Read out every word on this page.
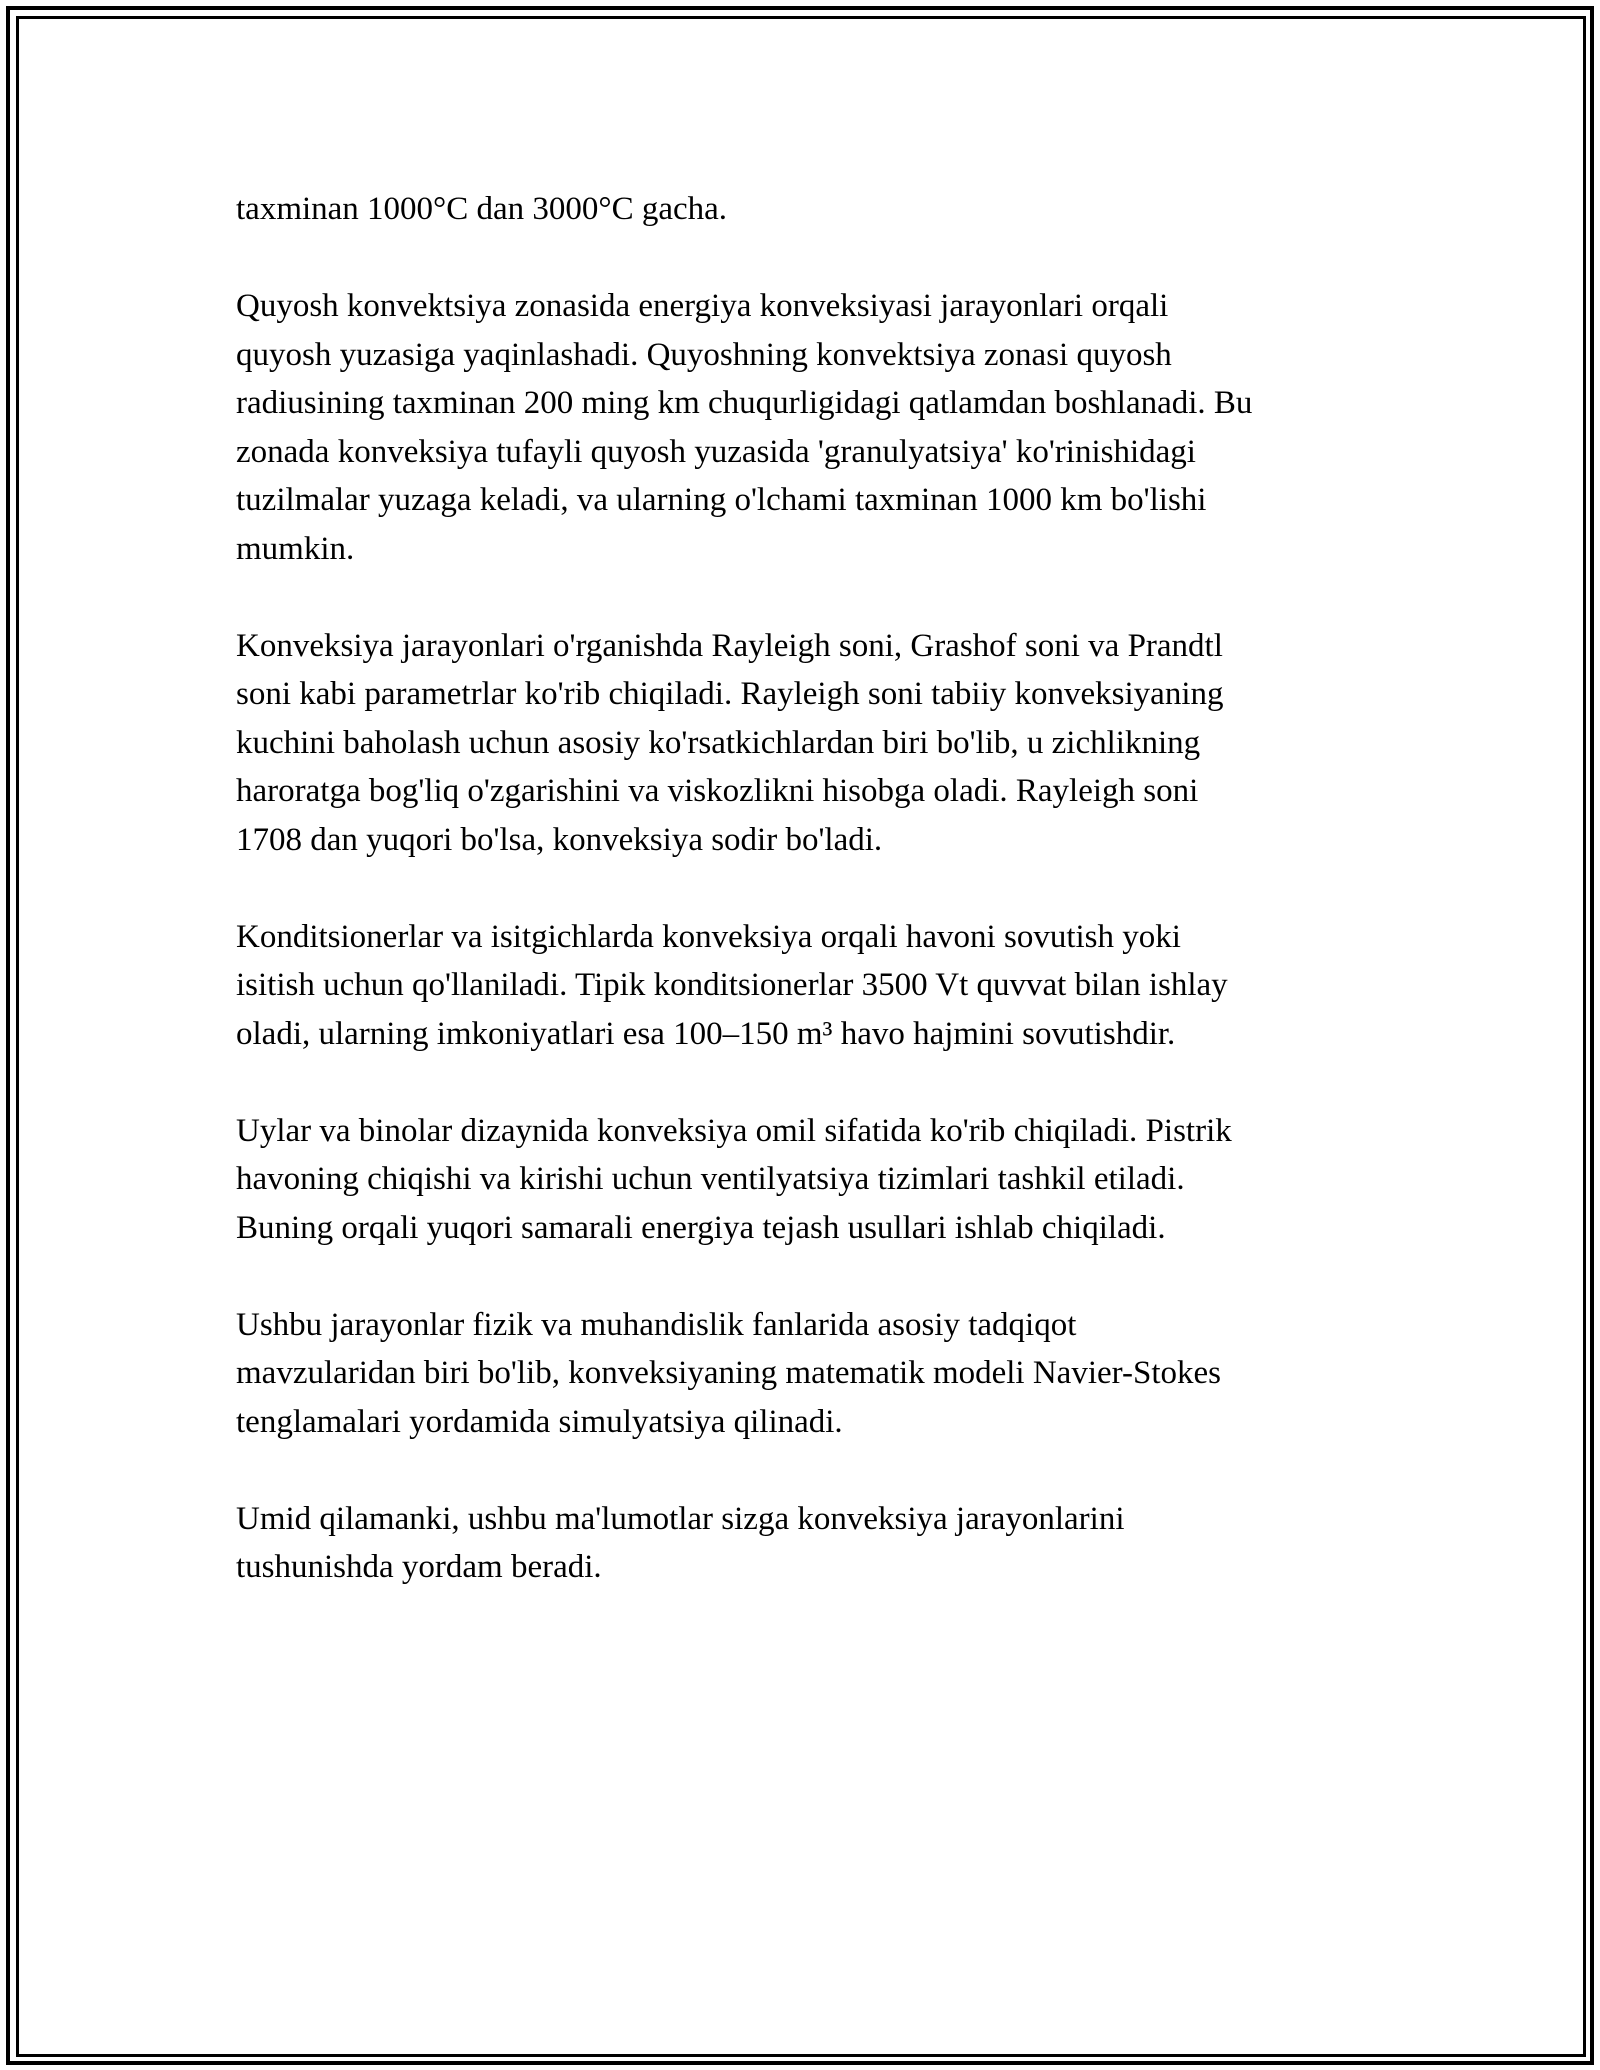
taxminan 1000°C dan 3000°C gacha.

Quyosh konvektsiya zonasida energiya konveksiyasi jarayonlari orqali
quyosh yuzasiga yaqinlashadi. Quyoshning konvektsiya zonasi quyosh
radiusining taxminan 200 ming km chuqurligidagi qatlamdan boshlanadi. Bu
zonada konveksiya tufayli quyosh yuzasida 'granulyatsiya' ko'rinishidagi
tuzilmalar yuzaga keladi, va ularning o'lchami taxminan 1000 km bo'lishi
mumkin.

Konveksiya jarayonlari o'rganishda Rayleigh soni, Grashof soni va Prandtl
soni kabi parametrlar ko'rib chiqiladi. Rayleigh soni tabiiy konveksiyaning
kuchini baholash uchun asosiy ko'rsatkichlardan biri bo'lib, u zichlikning
haroratga bog'liq o'zgarishini va viskozlikni hisobga oladi. Rayleigh soni
1708 dan yuqori bo'lsa, konveksiya sodir bo'ladi.

Konditsionerlar va isitgichlarda konveksiya orqali havoni sovutish yoki
isitish uchun qo'llaniladi. Tipik konditsionerlar 3500 Vt quvvat bilan ishlay
oladi, ularning imkoniyatlari esa 100–150 m³ havo hajmini sovutishdir.

Uylar va binolar dizaynida konveksiya omil sifatida ko'rib chiqiladi. Pistrik
havoning chiqishi va kirishi uchun ventilyatsiya tizimlari tashkil etiladi.
Buning orqali yuqori samarali energiya tejash usullari ishlab chiqiladi.

Ushbu jarayonlar fizik va muhandislik fanlarida asosiy tadqiqot
mavzularidan biri bo'lib, konveksiyaning matematik modeli Navier-Stokes
tenglamalari yordamida simulyatsiya qilinadi.

Umid qilamanki, ushbu ma'lumotlar sizga konveksiya jarayonlarini
tushunishda yordam beradi.
